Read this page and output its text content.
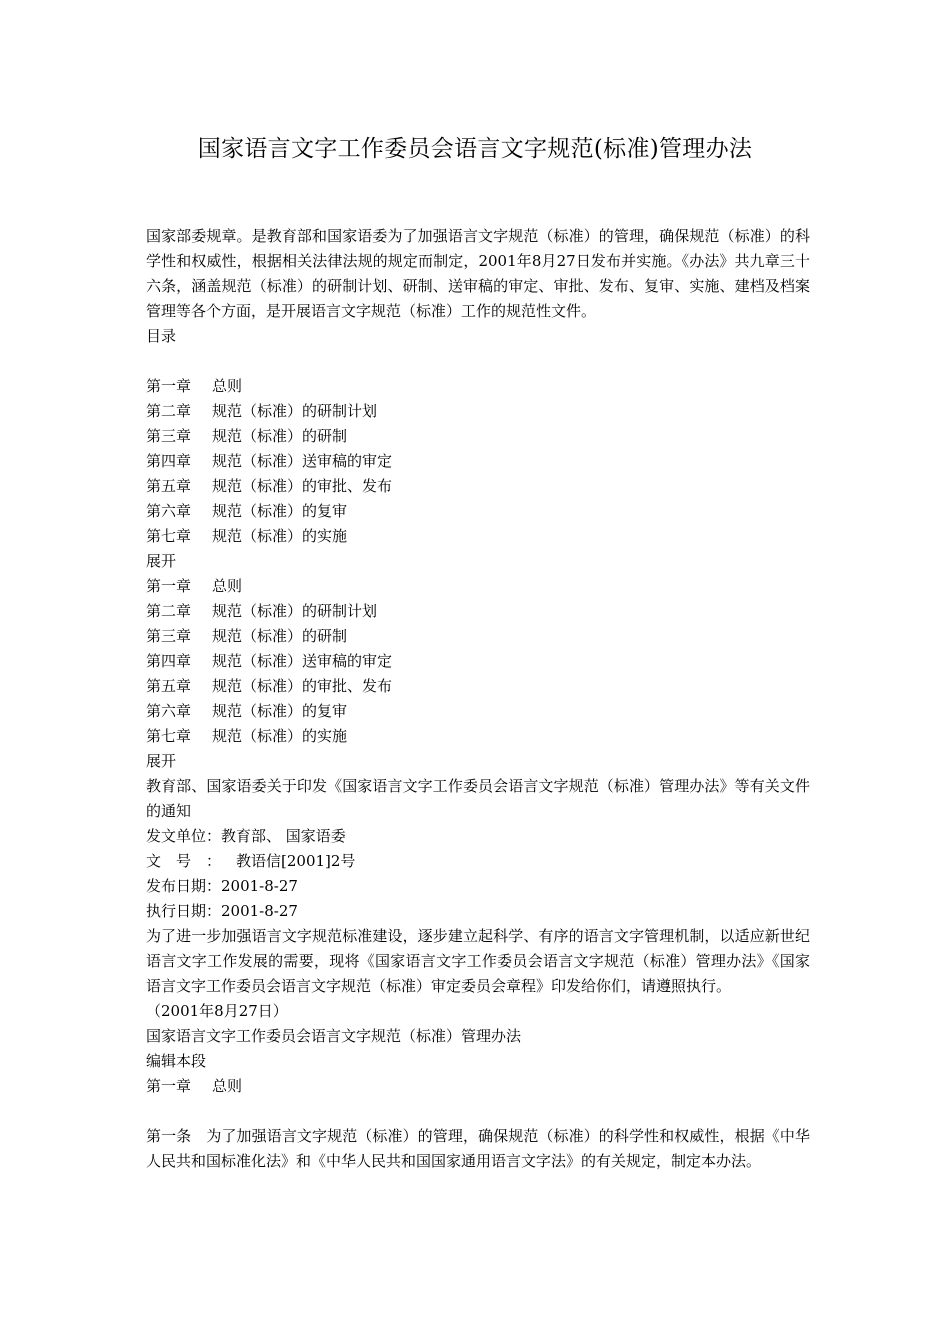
国家语言文字工作委员会语言文字规范(标准)管理办法

国家部委规章。是教育部和国家语委为了加强语言文字规范（标准）的管理，确保规范（标准）的科学性和权威性，根据相关法律法规的规定而制定，2001年8月27日发布并实施。《办法》共九章三十六条，涵盖规范（标准）的研制计划、研制、送审稿的审定、审批、发布、复审、实施、建档及档案管理等各个方面，是开展语言文字规范（标准）工作的规范性文件。

目录
第一章 总则
第二章 规范（标准）的研制计划
第三章 规范（标准）的研制
第四章 规范（标准）送审稿的审定
第五章 规范（标准）的审批、发布
第六章 规范（标准）的复审
第七章 规范（标准）的实施
展开
第一章 总则
第二章 规范（标准）的研制计划
第三章 规范（标准）的研制
第四章 规范（标准）送审稿的审定
第五章 规范（标准）的审批、发布
第六章 规范（标准）的复审
第七章 规范（标准）的实施
展开

教育部、国家语委关于印发《国家语言文字工作委员会语言文字规范（标准）管理办法》等有关文件的通知

发文单位：教育部、 国家语委
文号：教语信[2001]2号
发布日期：2001-8-27
执行日期：2001-8-27

为了进一步加强语言文字规范标准建设，逐步建立起科学、有序的语言文字管理机制，以适应新世纪语言文字工作发展的需要，现将《国家语言文字工作委员会语言文字规范（标准）管理办法》《国家语言文字工作委员会语言文字规范（标准）审定委员会章程》印发给你们，请遵照执行。

（2001年8月27日）
国家语言文字工作委员会语言文字规范（标准）管理办法
编辑本段
第一章 总则

第一条　为了加强语言文字规范（标准）的管理，确保规范（标准）的科学性和权威性，根据《中华人民共和国标准化法》和《中华人民共和国国家通用语言文字法》的有关规定，制定本办法。
